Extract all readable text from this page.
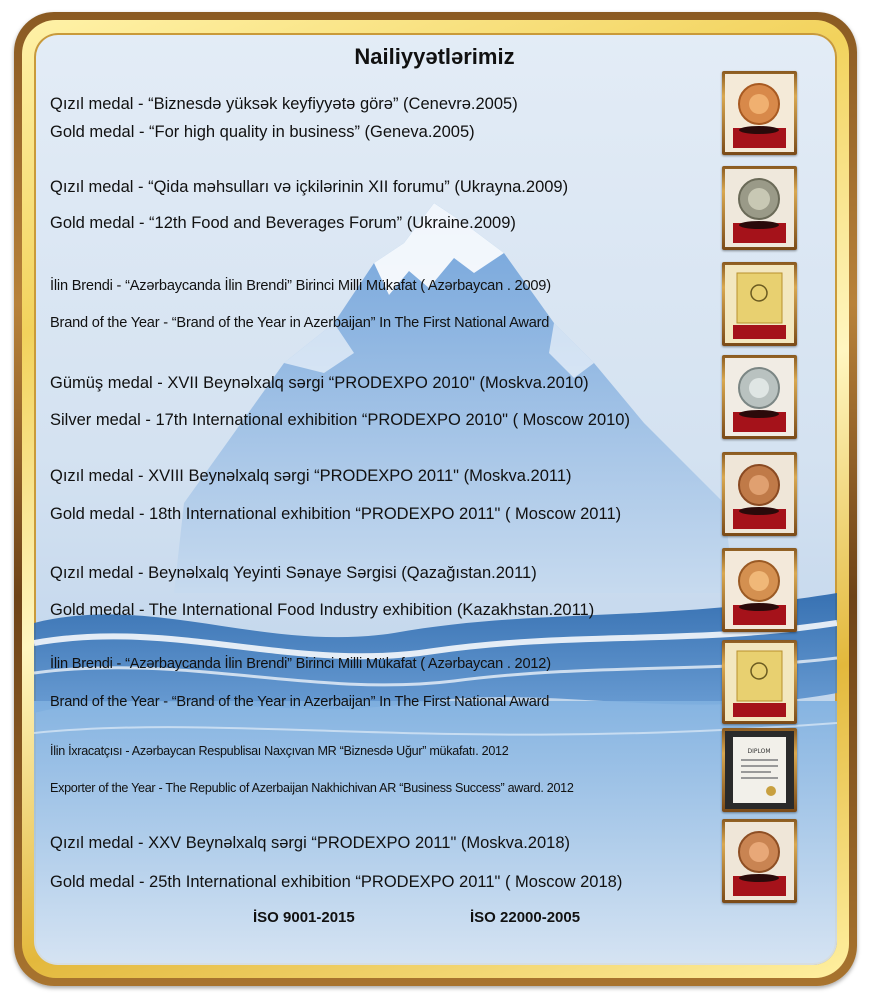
Nailiyyətlərimiz
Qızıl medal - “Biznesdə yüksək keyfiyyətə görə” (Cenevrə.2005)
Gold medal - “For high quality in business” (Geneva.2005)
Qızıl medal - “Qida məhsulları və içkilərinin XII forumu” (Ukrayna.2009)
Gold medal - “12th Food and Beverages Forum” (Ukraine.2009)
İlin Brendi - “Azərbaycanda İlin Brendi” Birinci Milli Mükafat ( Azərbaycan . 2009)
Brand of the Year - “Brand of the Year in Azerbaijan” In The First National Award
Gümüş medal - XVII Beynəlxalq sərgi “PRODEXPO 2010" (Moskva.2010)
Silver medal - 17th International exhibition “PRODEXPO 2010" ( Moscow 2010)
Qızıl medal - XVIII Beynəlxalq sərgi “PRODEXPO 2011" (Moskva.2011)
Gold medal - 18th International exhibition “PRODEXPO 2011" ( Moscow 2011)
Qızıl medal - Beynəlxalq Yeyinti Sənaye Sərgisi (Qazağıstan.2011)
Gold medal - The International Food Industry exhibition (Kazakhstan.2011)
İlin Brendi - “Azərbaycanda İlin Brendi” Birinci Milli Mükafat ( Azərbaycan . 2012)
Brand of the Year - “Brand of the Year in Azerbaijan” In The First National Award
İlin İxracatçısı - Azərbaycan Respublisaı Naxçıvan MR “Biznesdə Uğur” mükafatı. 2012
Exporter of the Year - The Republic of Azerbaijan Nakhichivan AR “Business Success” award. 2012
Qızıl medal - XXV Beynəlxalq sərgi “PRODEXPO 2011" (Moskva.2018)
Gold medal - 25th International exhibition “PRODEXPO 2011" ( Moscow 2018)
İSO 9001-2015	İSO 22000-2005
DIPLOM
